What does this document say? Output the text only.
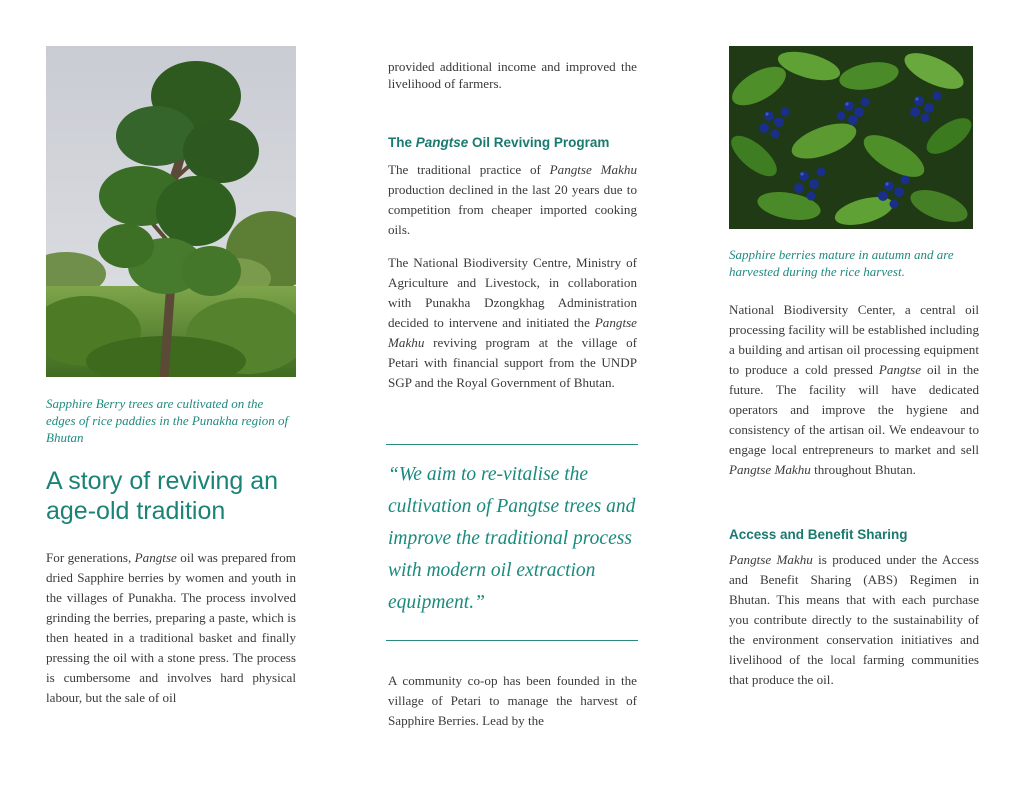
Sapphire Berry trees are cultivated on the edges of rice paddies in the Punakha region of Bhutan
A story of reviving an age-old tradition

For generations, Pangtse oil was prepared from dried Sapphire berries by women and youth in the villages of Punakha. The process involved grinding the berries, preparing a paste, which is then heated in a traditional basket and finally pressing the oil with a stone press. The process is cumbersome and involves hard physical labour, but the sale of oil

provided additional income and improved the livelihood of farmers.

The Pangtse Oil Reviving Program

The traditional practice of Pangtse Makhu production declined in the last 20 years due to competition from cheaper imported cooking oils.

The National Biodiversity Centre, Ministry of Agriculture and Livestock, in collaboration with Punakha Dzongkhag Administration decided to intervene and initiated the Pangtse Makhu reviving program at the village of Petari with financial support from the UNDP SGP and the Royal Government of Bhutan.

“We aim to re-vitalise the cultivation of Pangtse trees and improve the traditional process with modern oil extraction equipment.”

A community co-op has been founded in the village of Petari to manage the harvest of Sapphire Berries. Lead by the

Sapphire berries mature in autumn and are harvested during the rice harvest.

National Biodiversity Center, a central oil processing facility will be established including a building and artisan oil processing equipment to produce a cold pressed Pangtse oil in the future. The facility will have dedicated operators and improve the hygiene and consistency of the artisan oil. We endeavour to engage local entrepreneurs to market and sell Pangtse Makhu throughout Bhutan.

Access and Benefit Sharing

Pangtse Makhu is produced under the Access and Benefit Sharing (ABS) Regimen in Bhutan. This means that with each purchase you contribute directly to the sustainability of the environment conservation initiatives and livelihood of the local farming communities that produce the oil.
